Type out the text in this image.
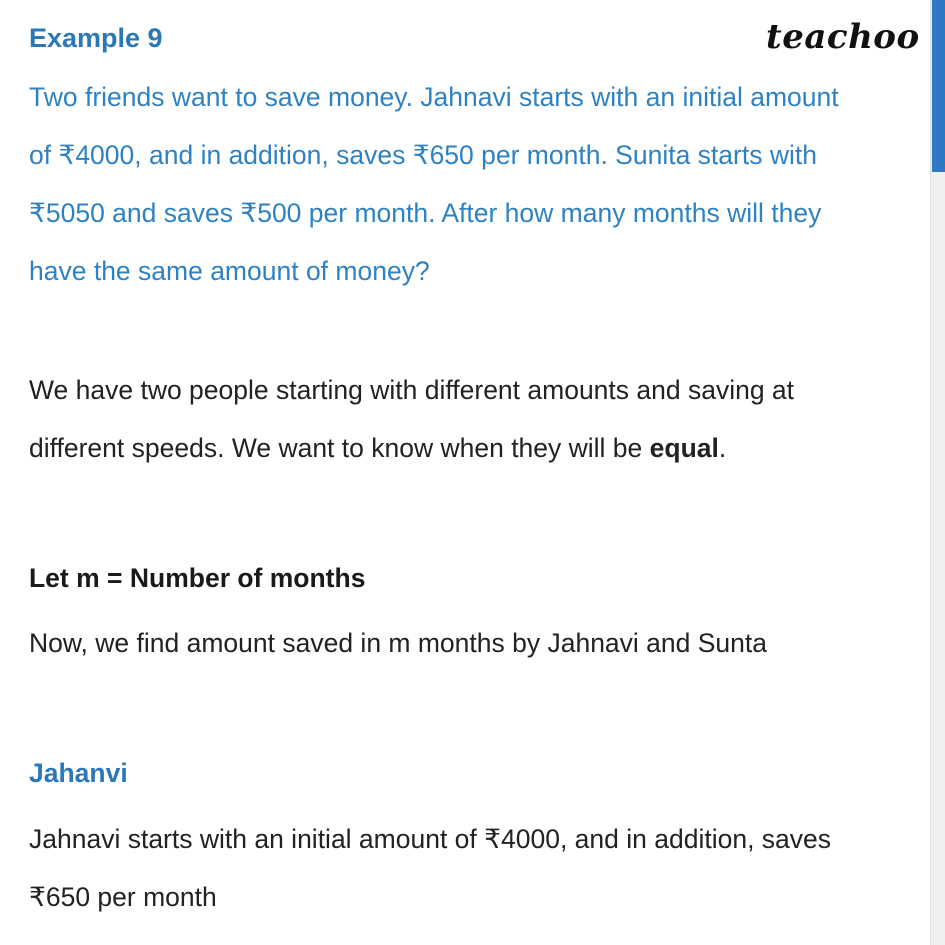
Example 9	teachoo
Two friends want to save money. Jahnavi starts with an initial amount
of ₹4000, and in addition, saves ₹650 per month. Sunita starts with
₹5050 and saves ₹500 per month. After how many months will they
have the same amount of money?
We have two people starting with different amounts and saving at
different speeds. We want to know when they will be equal.
Let m = Number of months
Now, we find amount saved in m months by Jahnavi and Sunta
Jahanvi
Jahnavi starts with an initial amount of ₹4000, and in addition, saves
₹650 per month
